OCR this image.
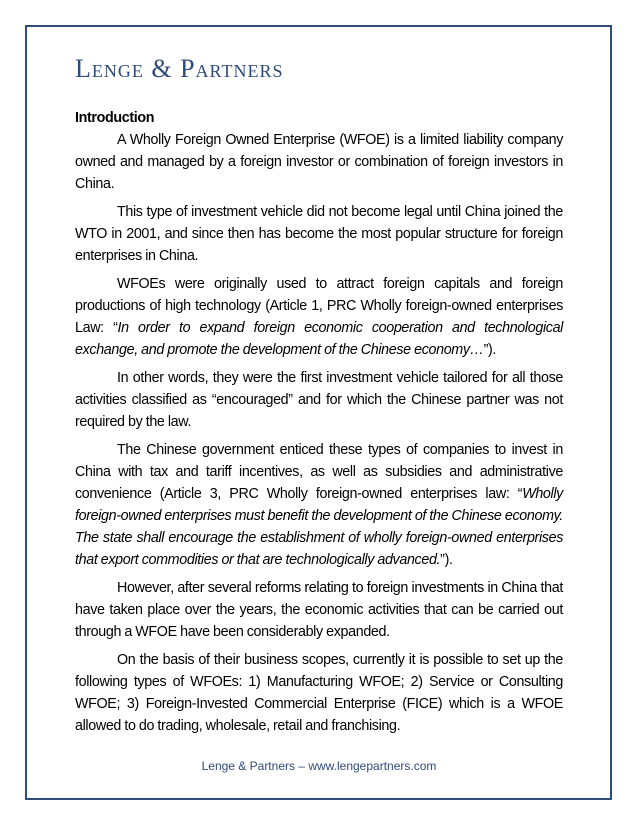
Lenge & Partners
Introduction

A Wholly Foreign Owned Enterprise (WFOE) is a limited liability company owned and managed by a foreign investor or combination of foreign investors in China.

This type of investment vehicle did not become legal until China joined the WTO in 2001, and since then has become the most popular structure for foreign enterprises in China.

WFOEs were originally used to attract foreign capitals and foreign productions of high technology (Article 1, PRC Wholly foreign-owned enterprises Law: “In order to expand foreign economic cooperation and technological exchange, and promote the development of the Chinese economy…”).

In other words, they were the first investment vehicle tailored for all those activities classified as “encouraged” and for which the Chinese partner was not required by the law.

The Chinese government enticed these types of companies to invest in China with tax and tariff incentives, as well as subsidies and administrative convenience (Article 3, PRC Wholly foreign-owned enterprises law: “Wholly foreign-owned enterprises must benefit the development of the Chinese economy. The state shall encourage the establishment of wholly foreign-owned enterprises that export commodities or that are technologically advanced.”).

However, after several reforms relating to foreign investments in China that have taken place over the years, the economic activities that can be carried out through a WFOE have been considerably expanded.

On the basis of their business scopes, currently it is possible to set up the following types of WFOEs: 1) Manufacturing WFOE; 2) Service or Consulting WFOE; 3) Foreign-Invested Commercial Enterprise (FICE) which is a WFOE allowed to do trading, wholesale, retail and franchising.

Lenge & Partners – www.lengepartners.com
